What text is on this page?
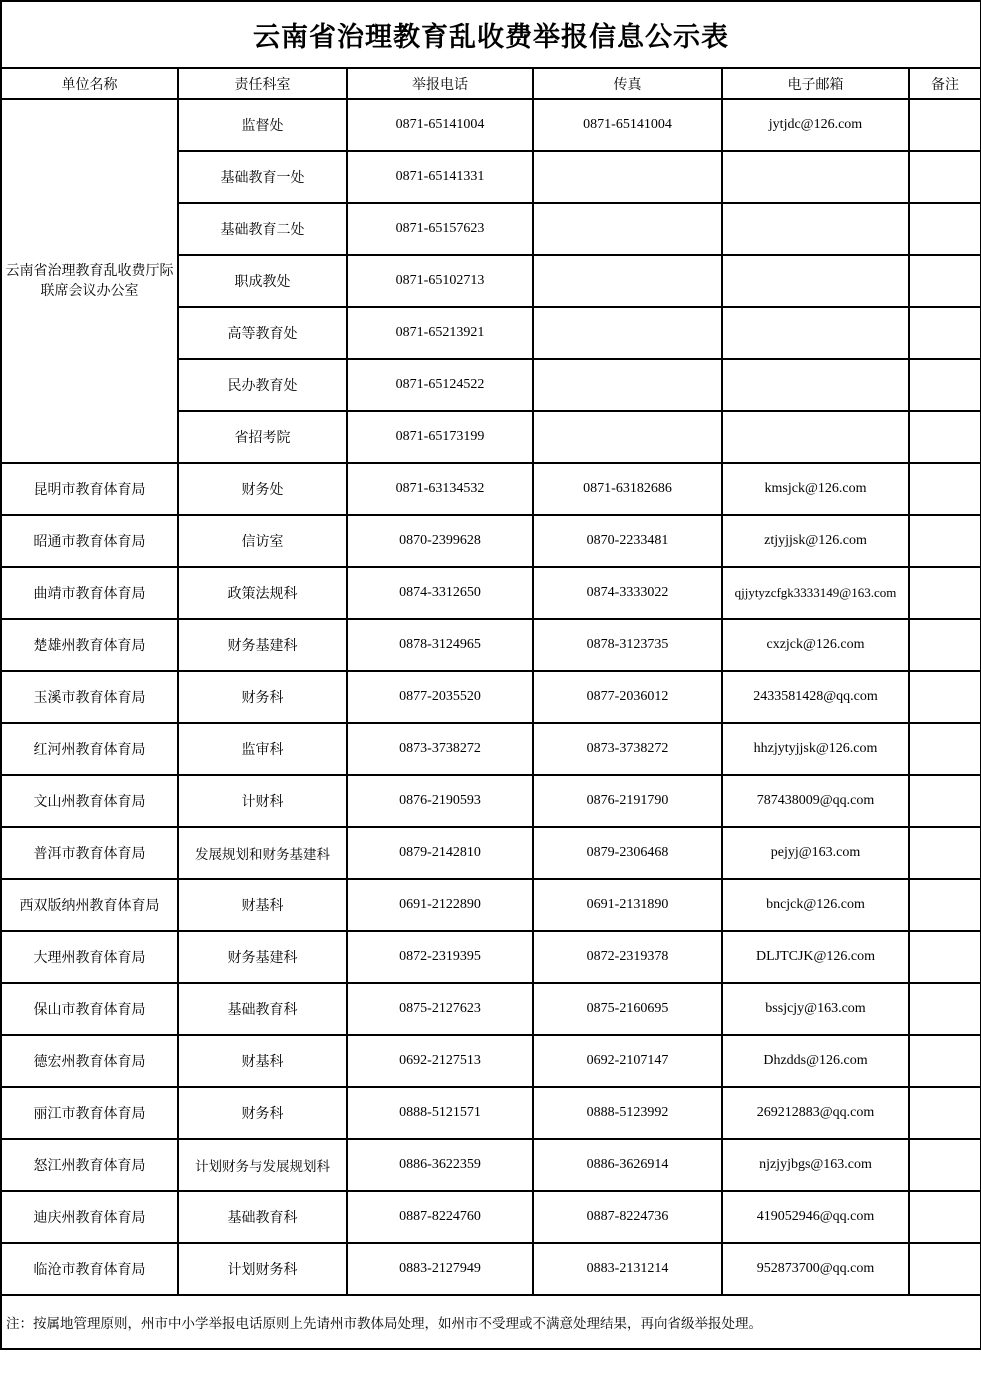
云南省治理教育乱收费举报信息公示表					
单位名称	责任科室	举报电话	传真	电子邮箱	备注
云南省治理教育乱收费厅际联席会议办公室	监督处	0871-65141004	0871-65141004	jytjdc@126.com	
	基础教育一处	0871-65141331			
	基础教育二处	0871-65157623			
	职成教处	0871-65102713			
	高等教育处	0871-65213921			
	民办教育处	0871-65124522			
	省招考院	0871-65173199			
昆明市教育体育局	财务处	0871-63134532	0871-63182686	kmsjck@126.com	
昭通市教育体育局	信访室	0870-2399628	0870-2233481	ztjyjjsk@126.com	
曲靖市教育体育局	政策法规科	0874-3312650	0874-3333022	qjjytyzcfgk3333149@163.com	
楚雄州教育体育局	财务基建科	0878-3124965	0878-3123735	cxzjck@126.com	
玉溪市教育体育局	财务科	0877-2035520	0877-2036012	2433581428@qq.com	
红河州教育体育局	监审科	0873-3738272	0873-3738272	hhzjytyjjsk@126.com	
文山州教育体育局	计财科	0876-2190593	0876-2191790	787438009@qq.com	
普洱市教育体育局	发展规划和财务基建科	0879-2142810	0879-2306468	pejyj@163.com	
西双版纳州教育体育局	财基科	0691-2122890	0691-2131890	bncjck@126.com	
大理州教育体育局	财务基建科	0872-2319395	0872-2319378	DLJTCJK@126.com	
保山市教育体育局	基础教育科	0875-2127623	0875-2160695	bssjcjy@163.com	
德宏州教育体育局	财基科	0692-2127513	0692-2107147	Dhzdds@126.com	
丽江市教育体育局	财务科	0888-5121571	0888-5123992	269212883@qq.com	
怒江州教育体育局	计划财务与发展规划科	0886-3622359	0886-3626914	njzjyjbgs@163.com	
迪庆州教育体育局	基础教育科	0887-8224760	0887-8224736	419052946@qq.com	
临沧市教育体育局	计划财务科	0883-2127949	0883-2131214	952873700@qq.com	
注：按属地管理原则，州市中小学举报电话原则上先请州市教体局处理，如州市不受理或不满意处理结果，再向省级举报处理。					
